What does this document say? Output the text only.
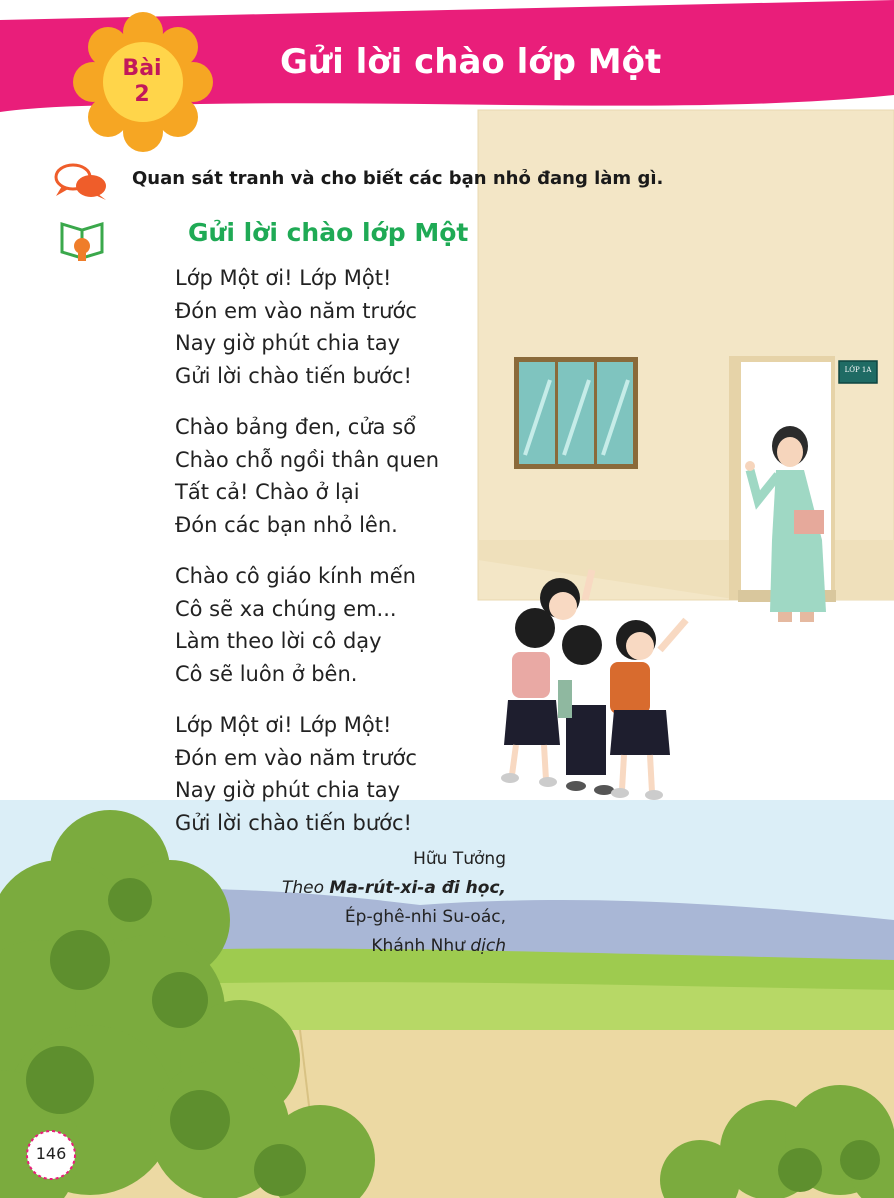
Bài
2
Gửi lời chào lớp Một
LỚP 1A
Quan sát tranh và cho biết các bạn nhỏ đang làm gì.
Gửi lời chào lớp Một
Lớp Một ơi! Lớp Một!
Đón em vào năm trước
Nay giờ phút chia tay
Gửi lời chào tiến bước!
Chào bảng đen, cửa sổ
Chào chỗ ngồi thân quen
Tất cả! Chào ở lại
Đón các bạn nhỏ lên.
Chào cô giáo kính mến
Cô sẽ xa chúng em...
Làm theo lời cô dạy
Cô sẽ luôn ở bên.
Lớp Một ơi! Lớp Một!
Đón em vào năm trước
Nay giờ phút chia tay
Gửi lời chào tiến bước!
Hữu Tưởng
Theo Ma-rút-xi-a đi học,
Ép-ghê-nhi Su-oác,
Khánh Như dịch
146
